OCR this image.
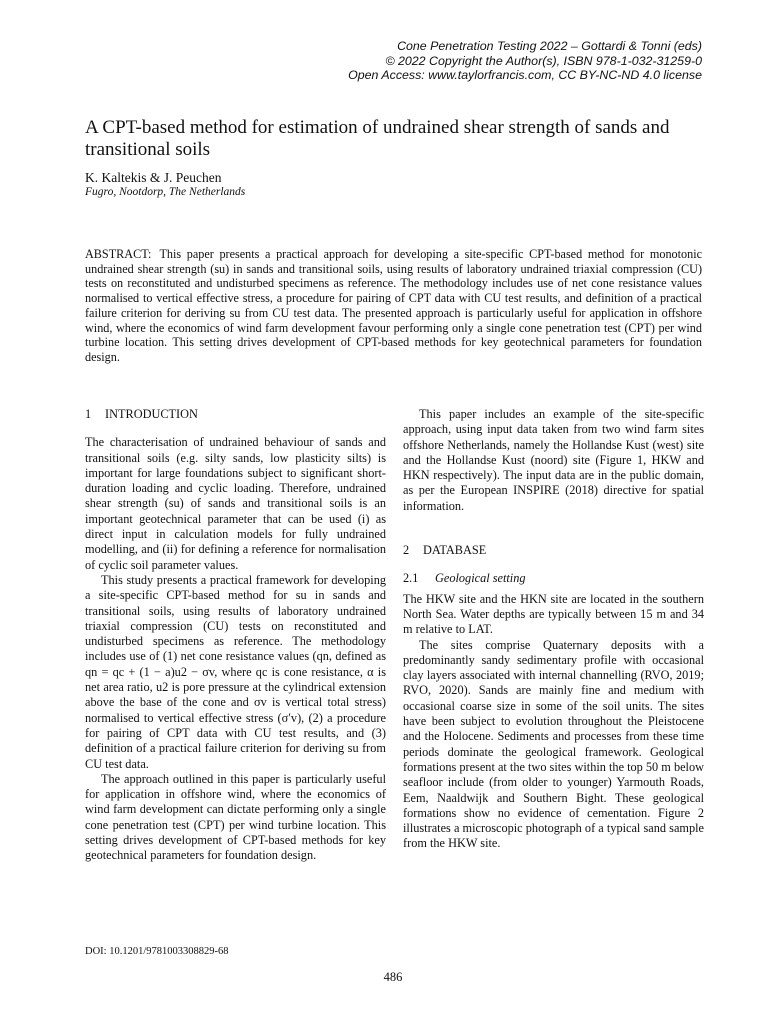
Cone Penetration Testing 2022 – Gottardi & Tonni (eds)
© 2022 Copyright the Author(s), ISBN 978-1-032-31259-0
Open Access: www.taylorfrancis.com, CC BY-NC-ND 4.0 license
A CPT-based method for estimation of undrained shear strength of sands and transitional soils
K. Kaltekis & J. Peuchen
Fugro, Nootdorp, The Netherlands

ABSTRACT: This paper presents a practical approach for developing a site-specific CPT-based method for monotonic undrained shear strength (su) in sands and transitional soils, using results of laboratory undrained triaxial compression (CU) tests on reconstituted and undisturbed specimens as reference. The methodology includes use of net cone resistance values normalised to vertical effective stress, a procedure for pairing of CPT data with CU test results, and definition of a practical failure criterion for deriving su from CU test data. The presented approach is particularly useful for application in offshore wind, where the economics of wind farm development favour performing only a single cone penetration test (CPT) per wind turbine location. This setting drives development of CPT-based methods for key geotechnical parameters for foundation design.

1 INTRODUCTION

The characterisation of undrained behaviour of sands and transitional soils (e.g. silty sands, low plasticity silts) is important for large foundations subject to significant short-duration loading and cyclic loading. Therefore, undrained shear strength (su) of sands and transitional soils is an important geotechnical parameter that can be used (i) as direct input in calculation models for fully undrained modelling, and (ii) for defining a reference for normalisation of cyclic soil parameter values.

This study presents a practical framework for developing a site-specific CPT-based method for su in sands and transitional soils, using results of laboratory undrained triaxial compression (CU) tests on reconstituted and undisturbed specimens as reference. The methodology includes use of (1) net cone resistance values (qn, defined as qn = qc + (1 − a)u2 − σv, where qc is cone resistance, α is net area ratio, u2 is pore pressure at the cylindrical extension above the base of the cone and σv is vertical total stress) normalised to vertical effective stress (σ′v), (2) a procedure for pairing of CPT data with CU test results, and (3) definition of a practical failure criterion for deriving su from CU test data.

The approach outlined in this paper is particularly useful for application in offshore wind, where the economics of wind farm development can dictate performing only a single cone penetration test (CPT) per wind turbine location. This setting drives development of CPT-based methods for key geotechnical parameters for foundation design.

This paper includes an example of the site-specific approach, using input data taken from two wind farm sites offshore Netherlands, namely the Hollandse Kust (west) site and the Hollandse Kust (noord) site (Figure 1, HKW and HKN respectively). The input data are in the public domain, as per the European INSPIRE (2018) directive for spatial information.

2 DATABASE
2.1 Geological setting

The HKW site and the HKN site are located in the southern North Sea. Water depths are typically between 15 m and 34 m relative to LAT.

The sites comprise Quaternary deposits with a predominantly sandy sedimentary profile with occasional clay layers associated with internal channelling (RVO, 2019; RVO, 2020). Sands are mainly fine and medium with occasional coarse size in some of the soil units. The sites have been subject to evolution throughout the Pleistocene and the Holocene. Sediments and processes from these time periods dominate the geological framework. Geological formations present at the two sites within the top 50 m below seafloor include (from older to younger) Yarmouth Roads, Eem, Naaldwijk and Southern Bight. These geological formations show no evidence of cementation. Figure 2 illustrates a microscopic photograph of a typical sand sample from the HKW site.

DOI: 10.1201/9781003308829-68
486
